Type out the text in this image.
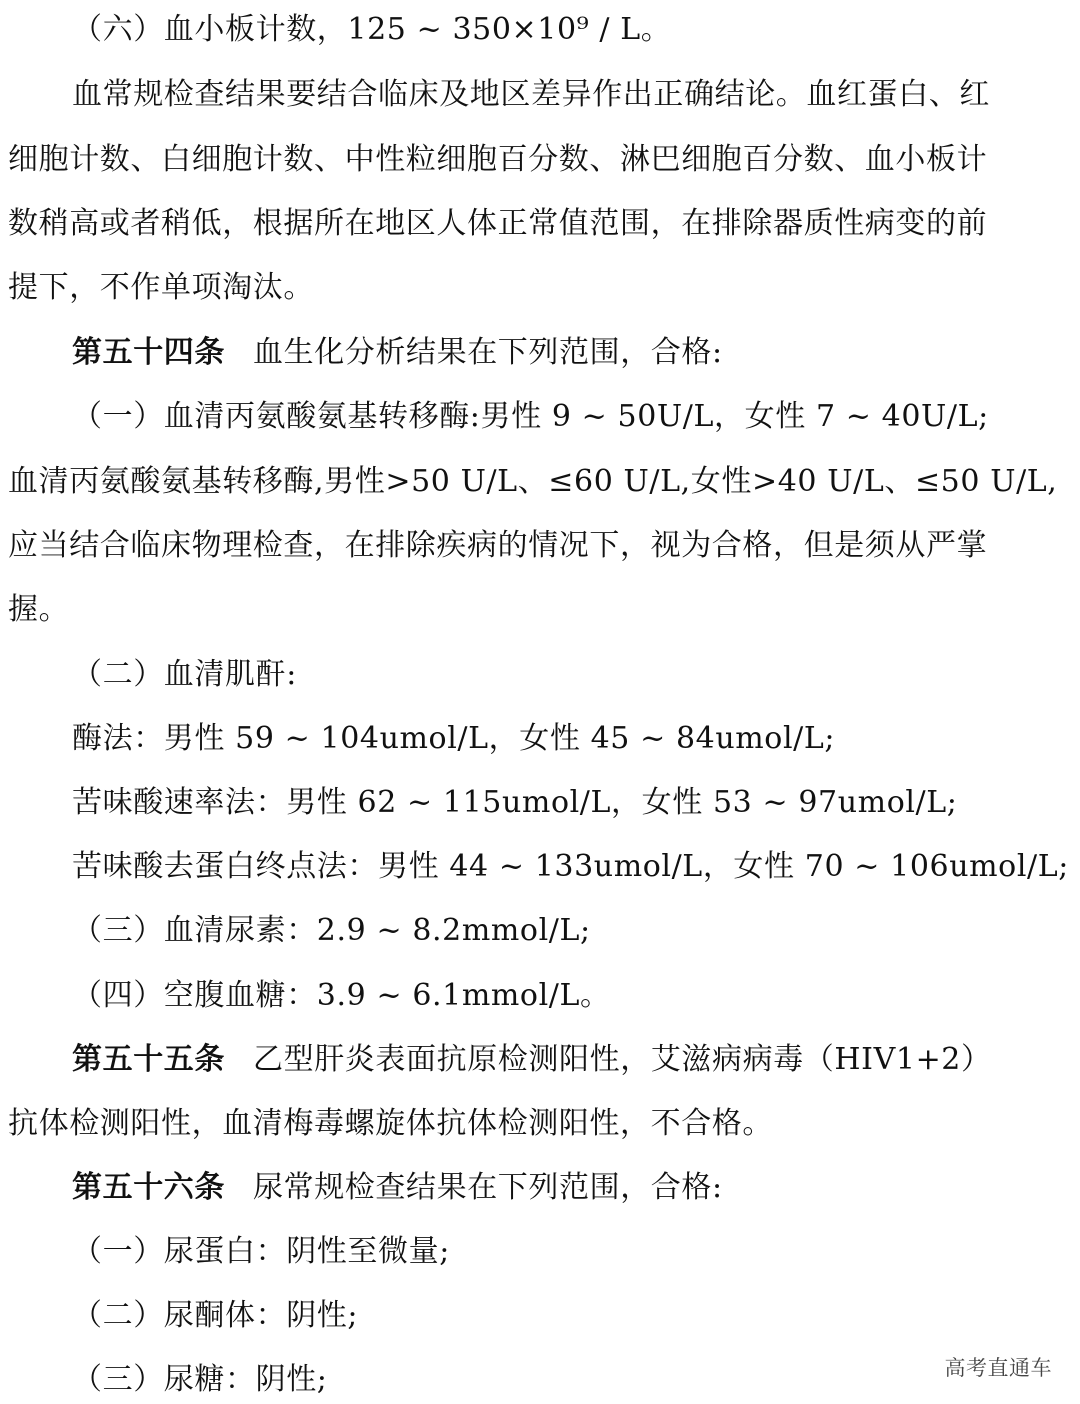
（六）血小板计数，125 ~ 350×10⁹ / L。
血常规检查结果要结合临床及地区差异作出正确结论。血红蛋白、红
细胞计数、白细胞计数、中性粒细胞百分数、淋巴细胞百分数、血小板计
数稍高或者稍低，根据所在地区人体正常值范围，在排除器质性病变的前
提下，不作单项淘汰。
第五十四条 血生化分析结果在下列范围，合格:
（一）血清丙氨酸氨基转移酶:男性 9 ~ 50U/L，女性 7 ~ 40U/L;
血清丙氨酸氨基转移酶,男性>50 U/L、≤60 U/L,女性>40 U/L、≤50 U/L,
应当结合临床物理检查，在排除疾病的情况下，视为合格，但是须从严掌
握。
（二）血清肌酐:
酶法：男性 59 ~ 104umol/L，女性 45 ~ 84umol/L;
苦味酸速率法：男性 62 ~ 115umol/L，女性 53 ~ 97umol/L;
苦味酸去蛋白终点法：男性 44 ~ 133umol/L，女性 70 ~ 106umol/L;
（三）血清尿素：2.9 ~ 8.2mmol/L;
（四）空腹血糖：3.9 ~ 6.1mmol/L。
第五十五条 乙型肝炎表面抗原检测阳性，艾滋病病毒（HIV1+2）
抗体检测阳性，血清梅毒螺旋体抗体检测阳性，不合格。
第五十六条 尿常规检查结果在下列范围，合格:
（一）尿蛋白：阴性至微量;
（二）尿酮体：阴性;
（三）尿糖：阴性;	高考直通车
